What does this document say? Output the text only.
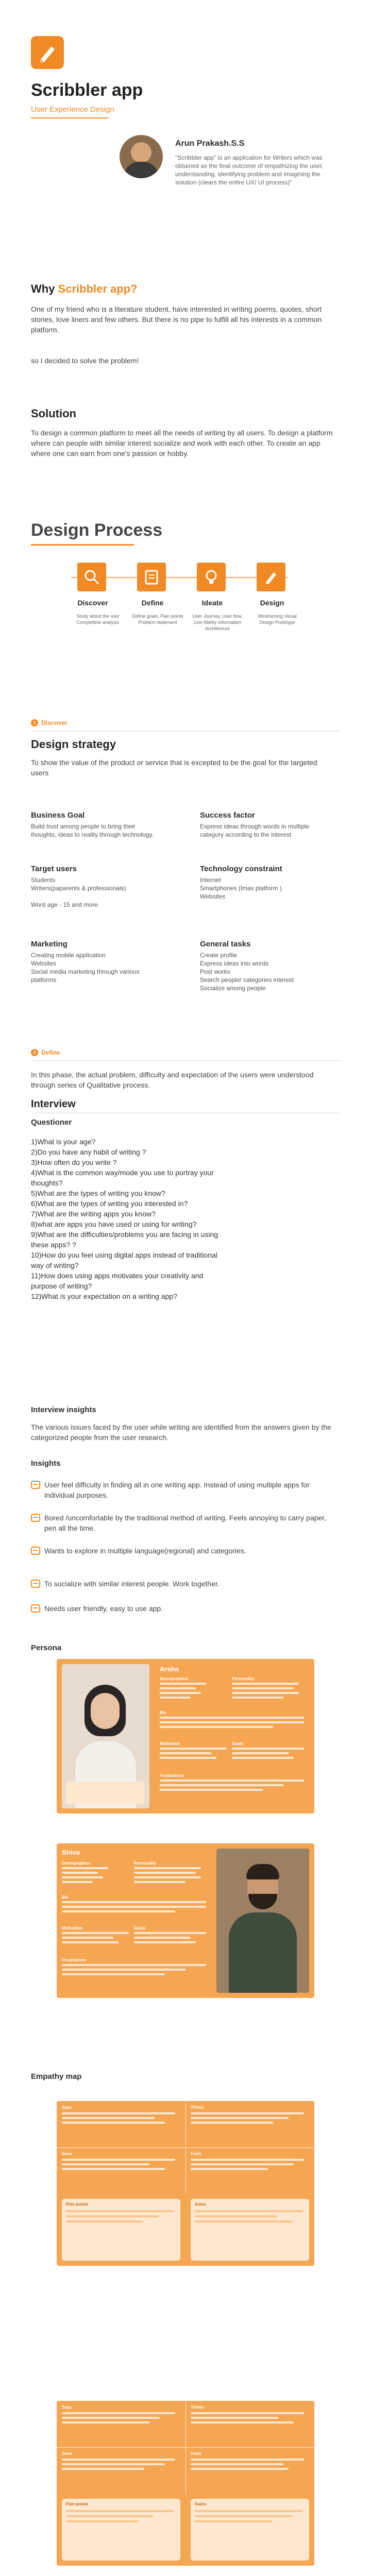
Scribbler app
User Experience Design
Arun Prakash.S.S
"Scribbler app" is an application for Writers which was obtained as the final outcome of empathizing the user, understanding, identifying problem and imagining the solution (clears the entire UX/ UI process)"
Why Scribbler app?
One of my friend who is a literature student, have interested in writing poems, quotes, short stories, love liners and few others. But there is no pipe to fulfill all his interests in a common platform.
so I decided to solve the problem!
Solution
To design a common platform to meet all the needs of writing by all users. To design a platform where can people with similar interest socialize and work with each other. To create an app where one can earn from one's passion or hobby.
Design Process
Discover	Define	Ideate	Design
Study about the user Competitive analysis
Define goals, Pain points Problem statement
User Journey, User flow, Low fidelity Information Architecture
Wireframing Visual Design Prototype
1 Discover
Design strategy
To show the value of the product or service that is excepted to be the goal for the targeted users
Business Goal
Build trust among people to bring their thoughts, ideas to reality through technology.
Success factor
Express ideas through words in multiple category according to the interest
Target users
Students
Writers(paparents & professionals)

Word age - 15 and more
Technology constraint
Internet
Smartphones (Imax platform )
Websites
Marketing
Creating mobile application
Websites
Social media marketing through various platforms
General tasks
Create profile
Express ideas into words
Post works
Search people/ categories interest
Socialize among people
2 Define
In this phase, the actual problem, difficulty and expectation of the users were understood through series of Qualitative process.
Interview
Questioner
1)What is your age?
2)Do you have any habit of writing ?
3)How often do you write ?
4)What is the common way/mode you use to portray your thoughts?
5)What are the types of writing you know?
6)What are the types of writing you interested in?
7)What are the writing apps you know?
8)what are apps you have used or using for writing?
9)What are the difficulties/problems you are facing in using these apps? ?
10)How do you feel using digital apps instead of traditional way of writing?
11)How does using apps motivates your creativity and purpose of writing?
12)What is your expectation on a writing app?
Interview insights
The various issues faced by the user while writing are identified from the answers given by the categorized people from the user research.
Insights
User feel difficulty in finding all in one writing app. Instead of using multiple apps for individual purposes.
Bored /uncomfortable by the traditional method of writing. Feels annoying to carry paper, pen all the time.
Wants to explore in multiple language(regional) and categories.
To socialize with similar interest people. Work together.
Needs user friendly, easy to use app.
Persona
Arsha
Demographics	Personality
Bio
Motivation	Goals
Frustrations
Shiva
Demographics	Personality
Bio
Motivation	Goals
Frustrations
Empathy map
Says	Thinks
Does	Feels
Pain points	Gains
Says	Thinks
Does	Feels
Pain points	Gains
